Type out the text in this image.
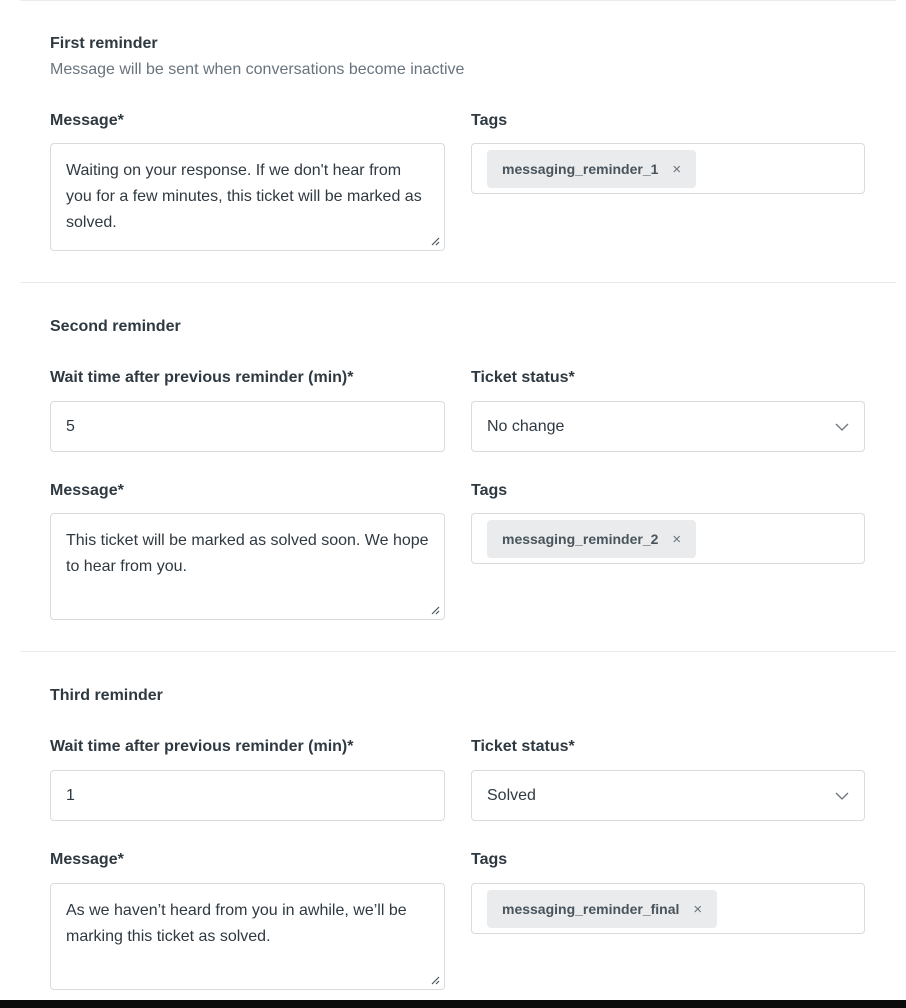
First reminder
Message will be sent when conversations become inactive
Message*	Tags
Waiting on your response. If we don't hear from you for a few minutes, this ticket will be marked as solved.
messaging_reminder_1 ×
Second reminder
Wait time after previous reminder (min)*	Ticket status*
5	No change
Message*	Tags
This ticket will be marked as solved soon. We hope to hear from you.
messaging_reminder_2 ×
Third reminder
Wait time after previous reminder (min)*	Ticket status*
1	Solved
Message*	Tags
As we haven’t heard from you in awhile, we’ll be marking this ticket as solved.
messaging_reminder_final ×
